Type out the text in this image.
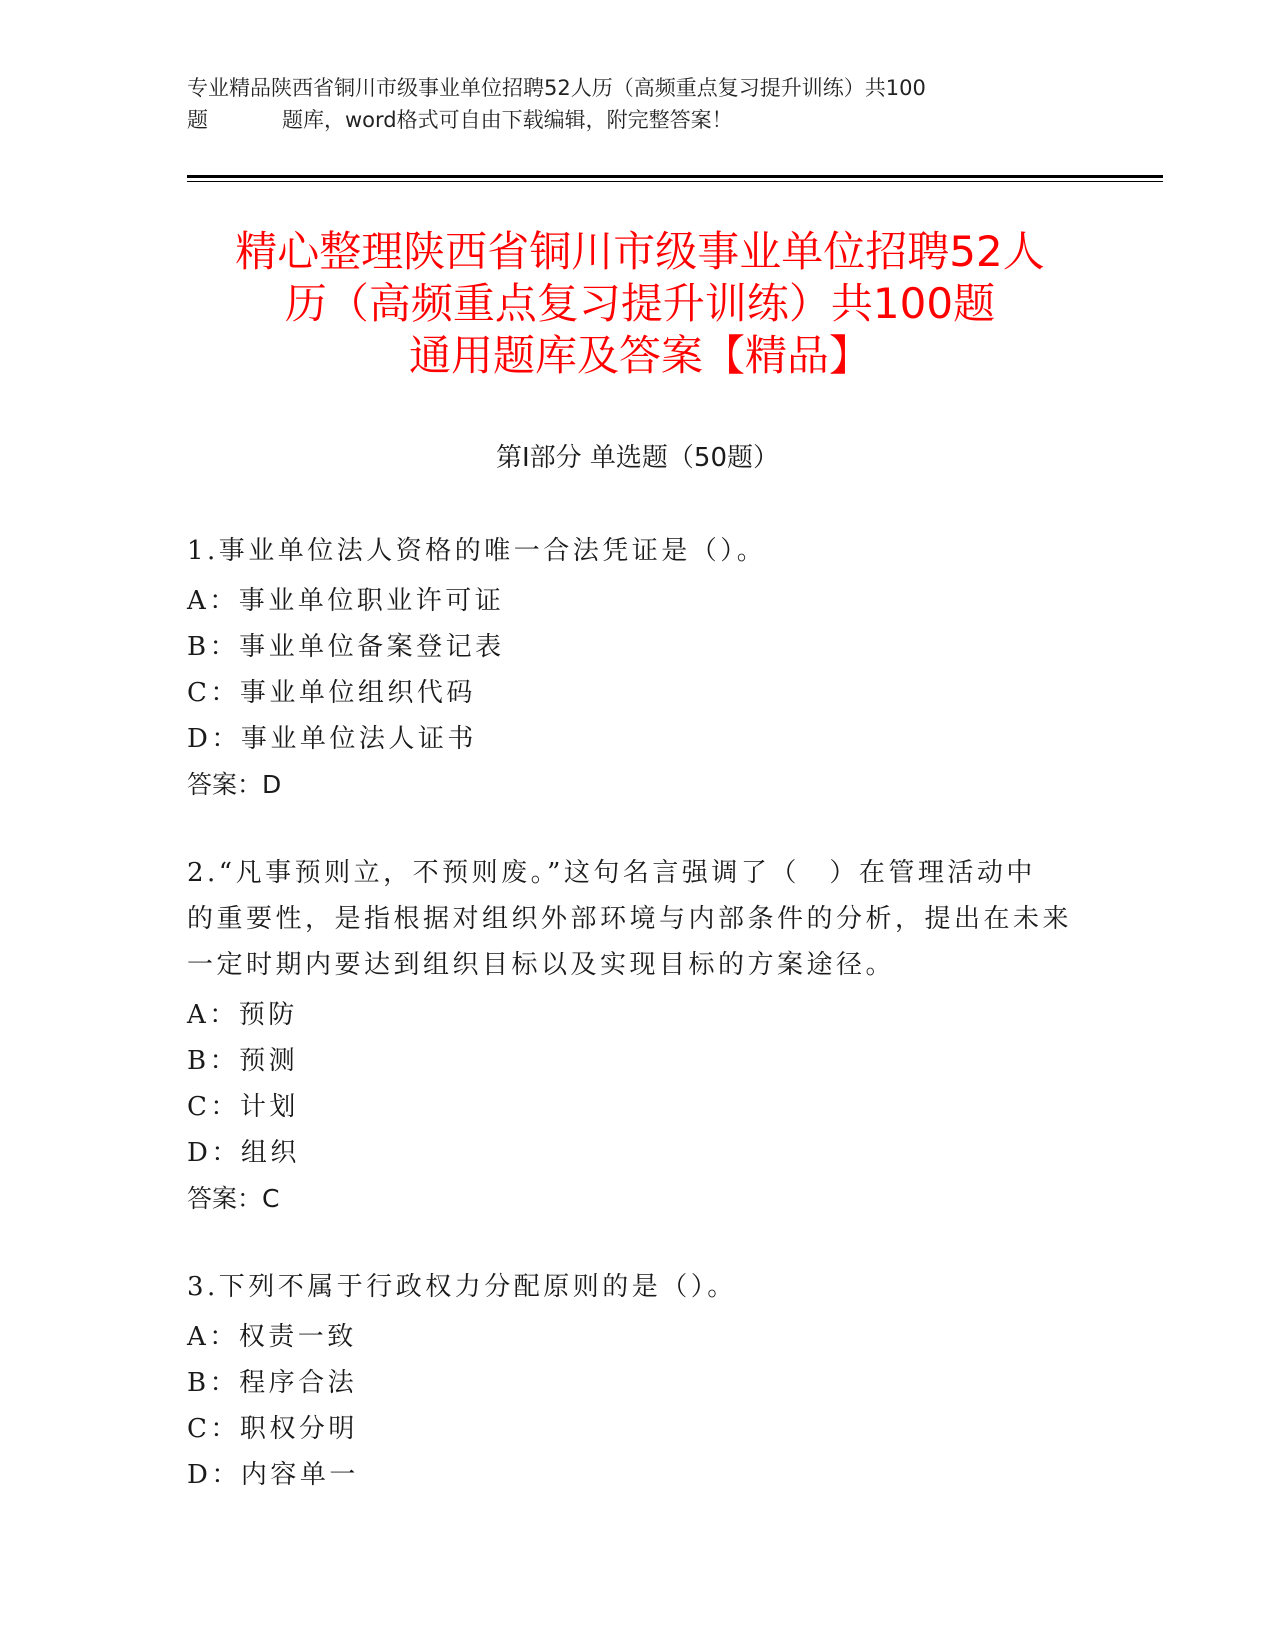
专业精品陕西省铜川市级事业单位招聘52人历（高频重点复习提升训练）共100
题	题库，word格式可自由下载编辑，附完整答案！
精心整理陕西省铜川市级事业单位招聘52人
历（高频重点复习提升训练）共100题
通用题库及答案【精品】
第Ⅰ部分 单选题（50题）
1.事业单位法人资格的唯一合法凭证是（）。
A：事业单位职业许可证
B：事业单位备案登记表
C：事业单位组织代码
D：事业单位法人证书
答案：D
2.“凡事预则立，不预则废。”这句名言强调了（　）在管理活动中
的重要性，是指根据对组织外部环境与内部条件的分析，提出在未来
一定时期内要达到组织目标以及实现目标的方案途径。
A：预防
B：预测
C：计划
D：组织
答案：C
3.下列不属于行政权力分配原则的是（）。
A：权责一致
B：程序合法
C：职权分明
D：内容单一
